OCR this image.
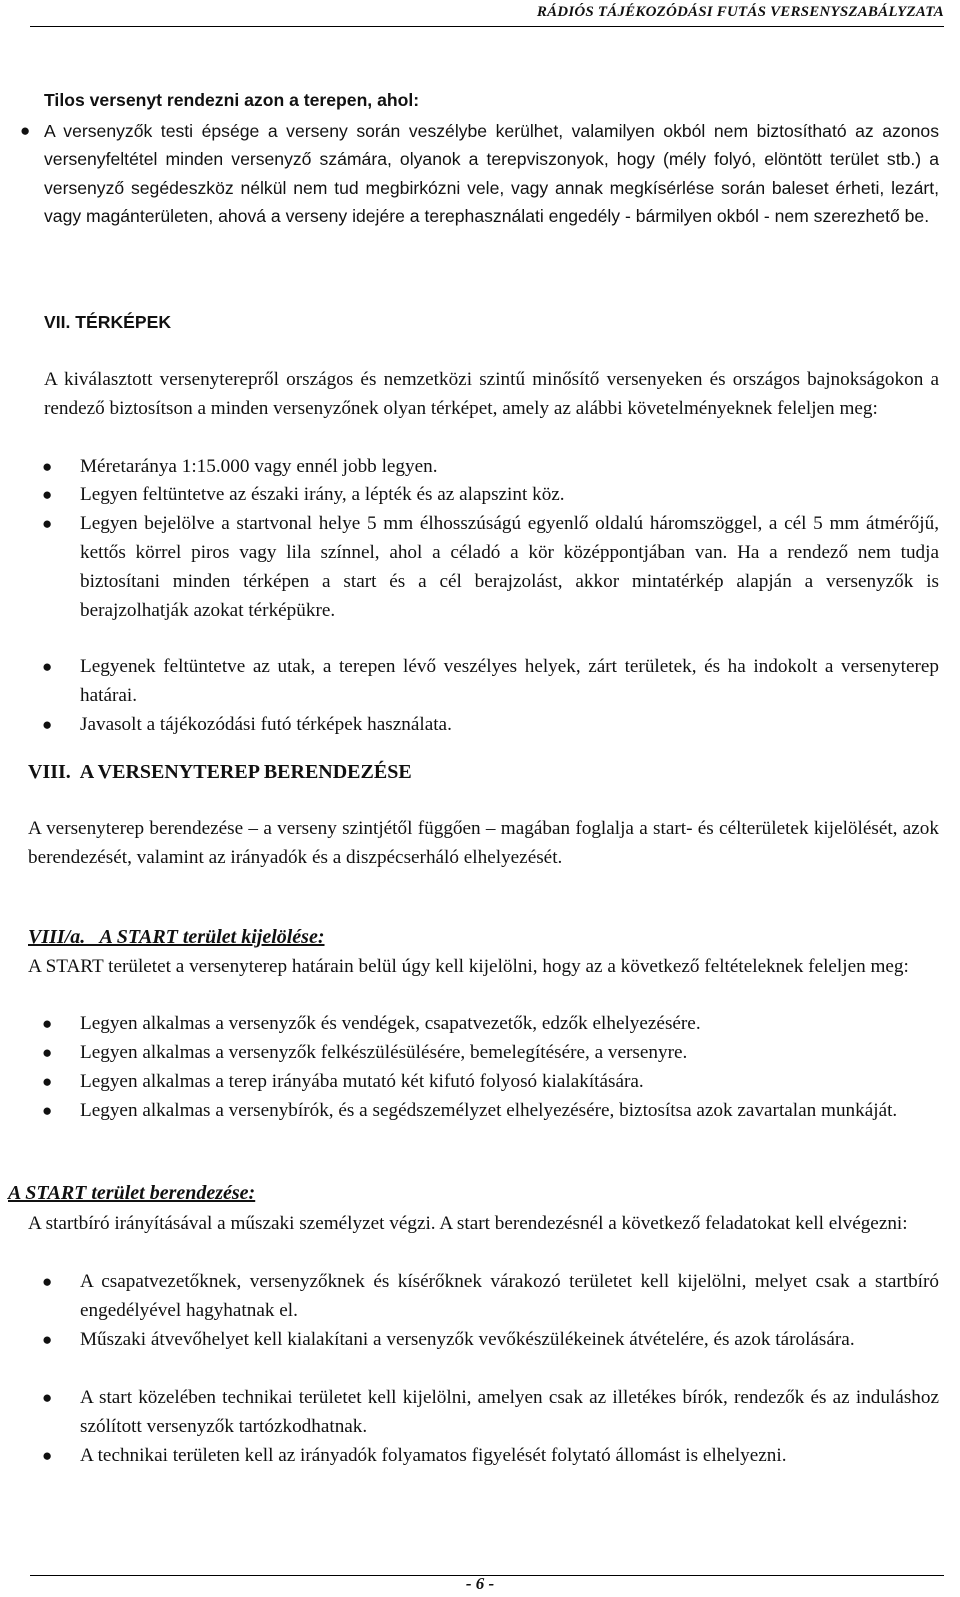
RÁDIÓS TÁJÉKOZÓDÁSI FUTÁS VERSENYSZABÁLYZATA
Tilos versenyt rendezni azon a terepen, ahol:
● A versenyzők testi épsége a verseny során veszélybe kerülhet, valamilyen okból nem biztosítható az azonos versenyfeltétel minden versenyző számára, olyanok a terepviszonyok, hogy (mély folyó, elöntött terület stb.) a versenyző segédeszköz nélkül nem tud megbirkózni vele, vagy annak megkísérlése során baleset érheti, lezárt, vagy magánterületen, ahová a verseny idejére a terephasználati engedély - bármilyen okból - nem szerezhető be.

VII. TÉRKÉPEK

A kiválasztott versenyterepről országos és nemzetközi szintű minősítő versenyeken és országos bajnokságokon a rendező biztosítson a minden versenyzőnek olyan térképet, amely az alábbi követelményeknek feleljen meg:

● Méretaránya 1:15.000 vagy ennél jobb legyen.

● Legyen feltüntetve az északi irány, a lépték és az alapszint köz.

● Legyen bejelölve a startvonal helye 5 mm élhosszúságú egyenlő oldalú háromszöggel, a cél 5 mm átmérőjű, kettős körrel piros vagy lila színnel, ahol a céladó a kör középpontjában van. Ha a rendező nem tudja biztosítani minden térképen a start és a cél berajzolást, akkor mintatérkép alapján a versenyzők is berajzolhatják azokat térképükre.

● Legyenek feltüntetve az utak, a terepen lévő veszélyes helyek, zárt területek, és ha indokolt a versenyterep határai.

● Javasolt a tájékozódási futó térképek használata.

VIII.  A VERSENYTEREP BERENDEZÉSE

A versenyterep berendezése – a verseny szintjétől függően – magában foglalja a start- és célterületek kijelölését, azok berendezését, valamint az irányadók és a diszpécserháló elhelyezését.

VIII/a.   A START terület kijelölése:

A START területet a versenyterep határain belül úgy kell kijelölni, hogy az a következő feltételeknek feleljen meg:

● Legyen alkalmas a versenyzők és vendégek, csapatvezetők, edzők elhelyezésére.

● Legyen alkalmas a versenyzők felkészülésülésére, bemelegítésére, a versenyre.

● Legyen alkalmas a terep irányába mutató két kifutó folyosó kialakítására.

● Legyen alkalmas a versenybírók, és a segédszemélyzet elhelyezésére, biztosítsa azok zavartalan munkáját.

A START terület berendezése:

A startbíró irányításával a műszaki személyzet végzi. A start berendezésnél a következő feladatokat kell elvégezni:

● A csapatvezetőknek, versenyzőknek és kísérőknek várakozó területet kell kijelölni, melyet csak a startbíró engedélyével hagyhatnak el.

● Műszaki átvevőhelyet kell kialakítani a versenyzők vevőkészülékeinek átvételére, és azok tárolására.

● A start közelében technikai területet kell kijelölni, amelyen csak az illetékes bírók, rendezők és az induláshoz szólított versenyzők tartózkodhatnak.

● A technikai területen kell az irányadók folyamatos figyelését folytató állomást is elhelyezni.

- 6 -
